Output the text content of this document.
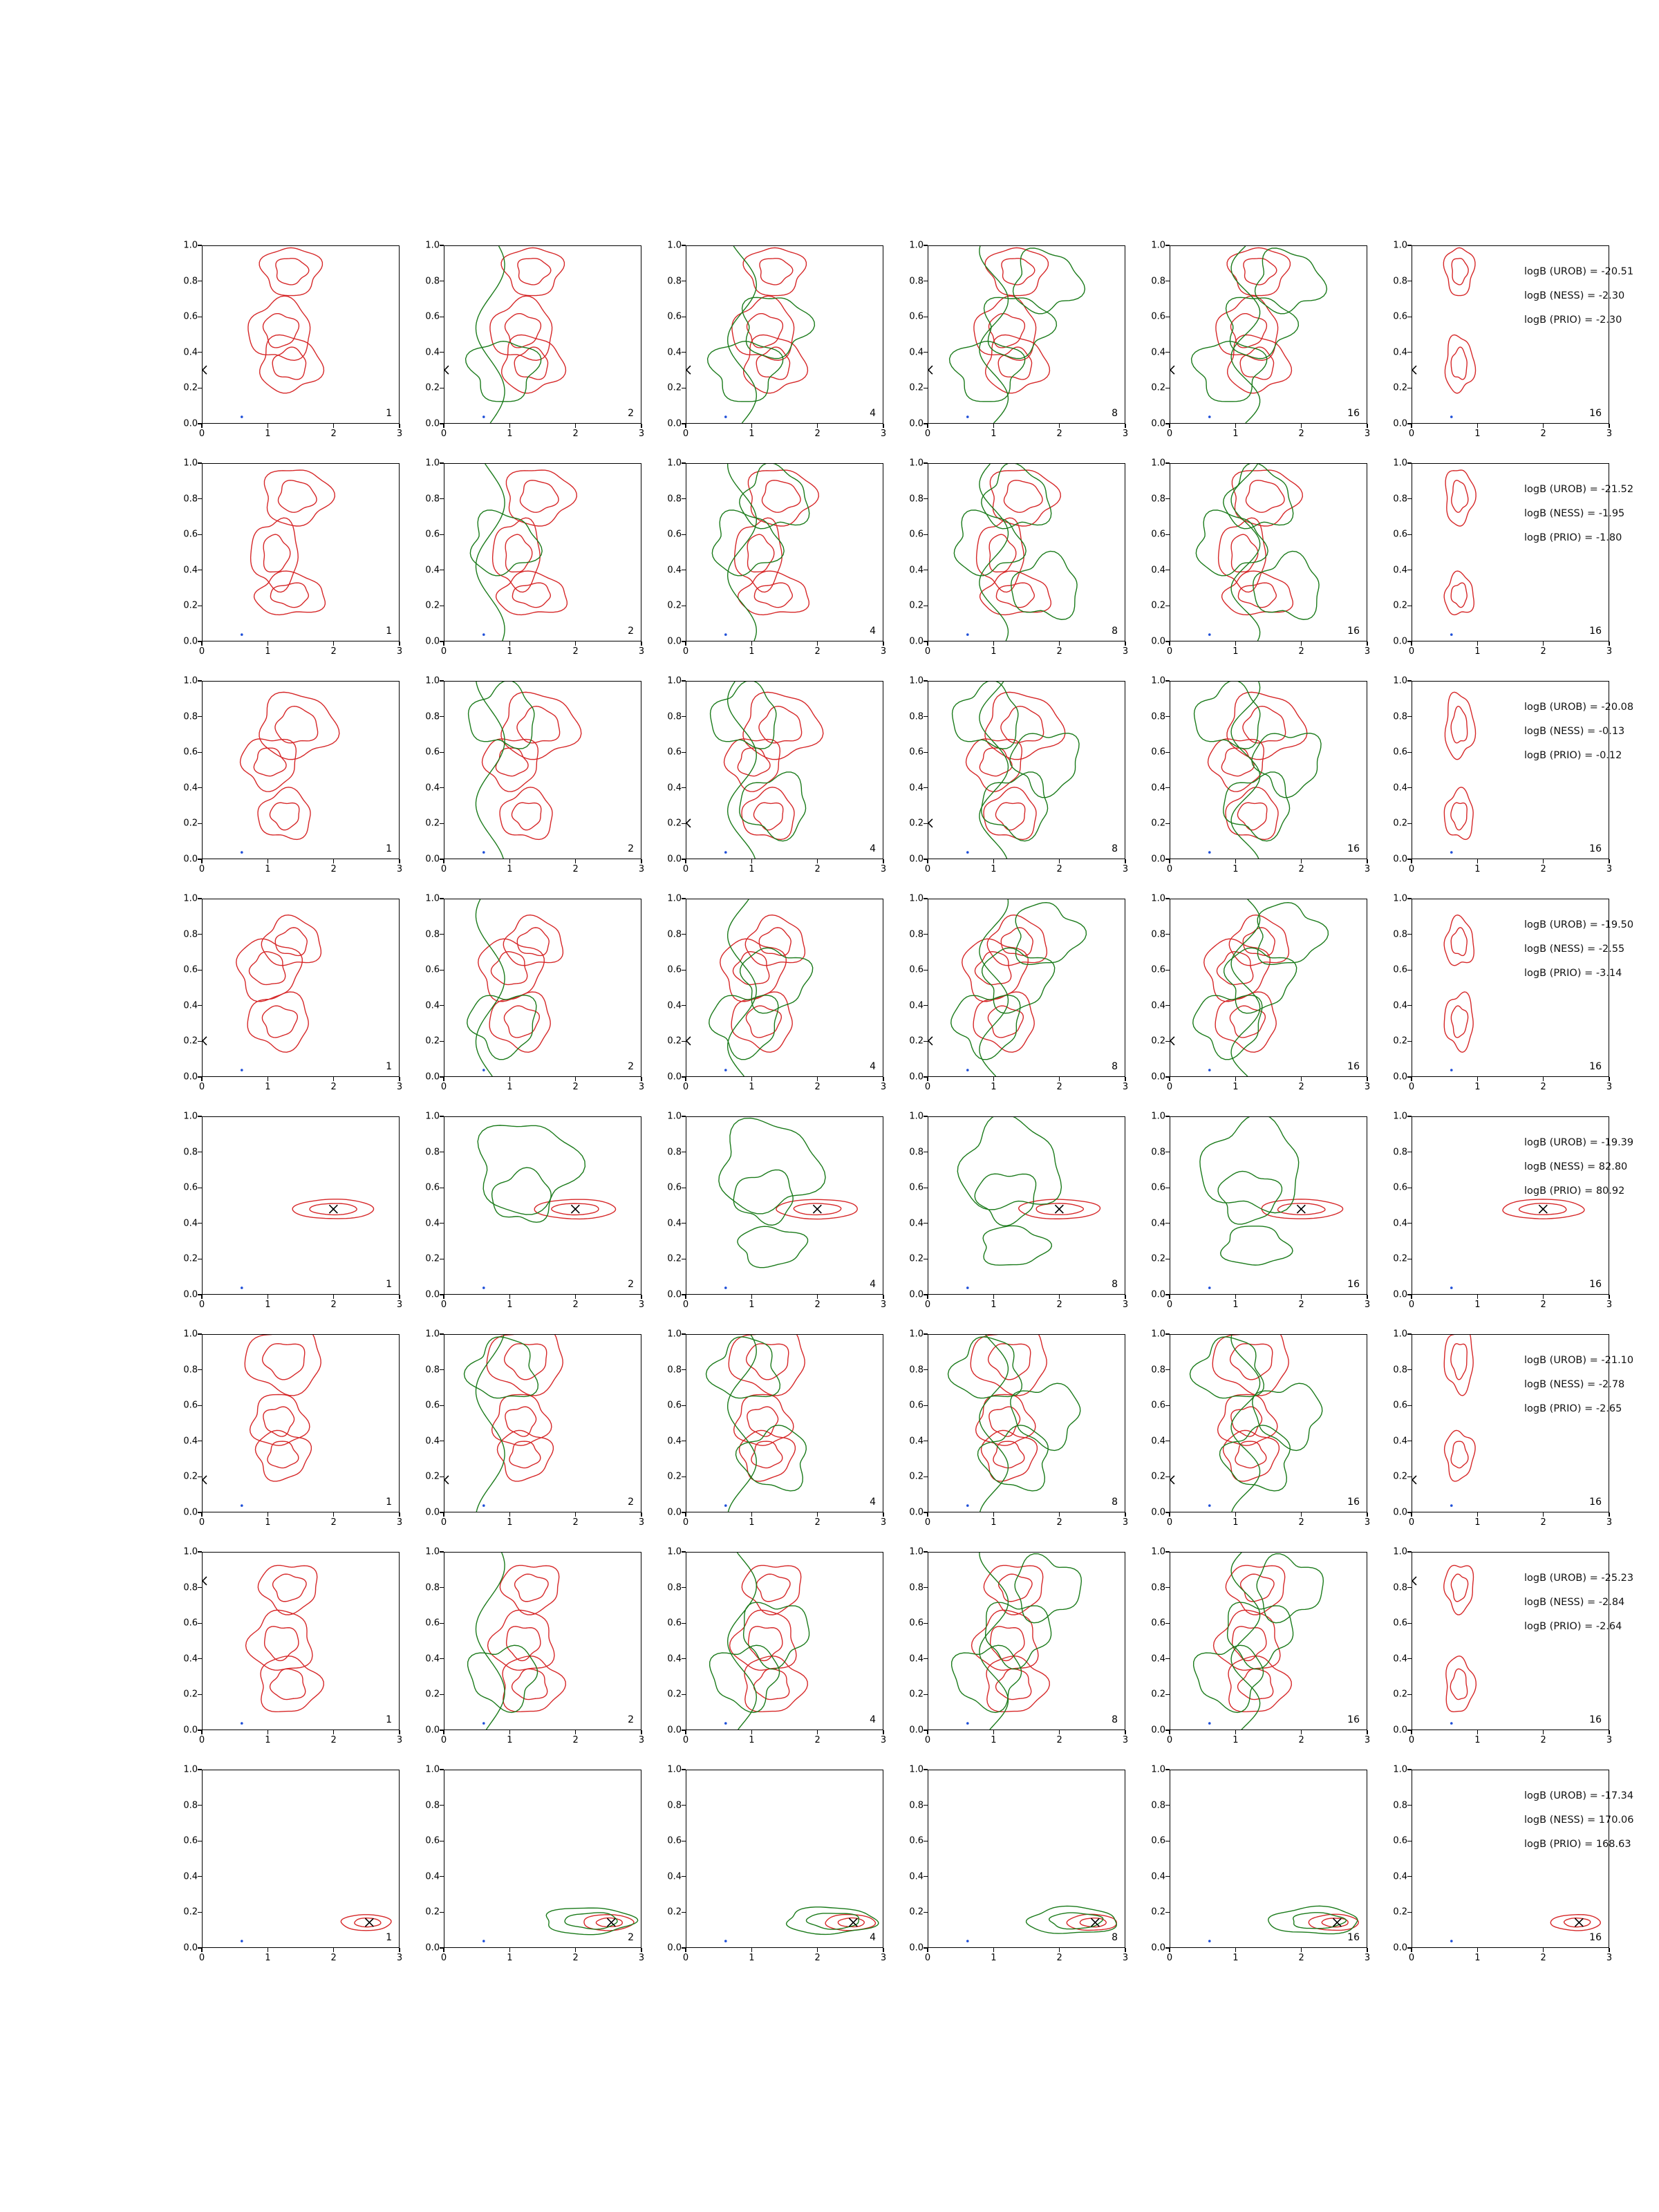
1
0.0
0.2
0.4
0.6
0.8
1.0
0	1	2	3
2
0.0
0.2
0.4
0.6
0.8
1.0
0	1	2	3
4
0.0
0.2
0.4
0.6
0.8
1.0
0	1	2	3
8
0.0
0.2
0.4
0.6
0.8
1.0
0	1	2	3
16
0.0
0.2
0.4
0.6
0.8
1.0
0	1	2	3
16
0.0
0.2
0.4
0.6
0.8
1.0
0	1	2	3
1
0.0
0.2
0.4
0.6
0.8
1.0
0	1	2	3
2
0.0
0.2
0.4
0.6
0.8
1.0
0	1	2	3
4
0.0
0.2
0.4
0.6
0.8
1.0
0	1	2	3
8
0.0
0.2
0.4
0.6
0.8
1.0
0	1	2	3
16
0.0
0.2
0.4
0.6
0.8
1.0
0	1	2	3
16
0.0
0.2
0.4
0.6
0.8
1.0
0	1	2	3
1
0.0
0.2
0.4
0.6
0.8
1.0
0	1	2	3
2
0.0
0.2
0.4
0.6
0.8
1.0
0	1	2	3
4
0.0
0.2
0.4
0.6
0.8
1.0
0	1	2	3
8
0.0
0.2
0.4
0.6
0.8
1.0
0	1	2	3
16
0.0
0.2
0.4
0.6
0.8
1.0
0	1	2	3
16
0.0
0.2
0.4
0.6
0.8
1.0
0	1	2	3
1
0.0
0.2
0.4
0.6
0.8
1.0
0	1	2	3
2
0.0
0.2
0.4
0.6
0.8
1.0
0	1	2	3
4
0.0
0.2
0.4
0.6
0.8
1.0
0	1	2	3
8
0.0
0.2
0.4
0.6
0.8
1.0
0	1	2	3
16
0.0
0.2
0.4
0.6
0.8
1.0
0	1	2	3
16
0.0
0.2
0.4
0.6
0.8
1.0
0	1	2	3
1
0.0
0.2
0.4
0.6
0.8
1.0
0	1	2	3
2
0.0
0.2
0.4
0.6
0.8
1.0
0	1	2	3
4
0.0
0.2
0.4
0.6
0.8
1.0
0	1	2	3
8
0.0
0.2
0.4
0.6
0.8
1.0
0	1	2	3
16
0.0
0.2
0.4
0.6
0.8
1.0
0	1	2	3
16
0.0
0.2
0.4
0.6
0.8
1.0
0	1	2	3
1
0.0
0.2
0.4
0.6
0.8
1.0
0	1	2	3
2
0.0
0.2
0.4
0.6
0.8
1.0
0	1	2	3
4
0.0
0.2
0.4
0.6
0.8
1.0
0	1	2	3
8
0.0
0.2
0.4
0.6
0.8
1.0
0	1	2	3
16
0.0
0.2
0.4
0.6
0.8
1.0
0	1	2	3
16
0.0
0.2
0.4
0.6
0.8
1.0
0	1	2	3
1
0.0
0.2
0.4
0.6
0.8
1.0
0	1	2	3
2
0.0
0.2
0.4
0.6
0.8
1.0
0	1	2	3
4
0.0
0.2
0.4
0.6
0.8
1.0
0	1	2	3
8
0.0
0.2
0.4
0.6
0.8
1.0
0	1	2	3
16
0.0
0.2
0.4
0.6
0.8
1.0
0	1	2	3
16
0.0
0.2
0.4
0.6
0.8
1.0
0	1	2	3
1
0.0
0.2
0.4
0.6
0.8
1.0
0	1	2	3
2
0.0
0.2
0.4
0.6
0.8
1.0
0	1	2	3
4
0.0
0.2
0.4
0.6
0.8
1.0
0	1	2	3
8
0.0
0.2
0.4
0.6
0.8
1.0
0	1	2	3
16
0.0
0.2
0.4
0.6
0.8
1.0
0	1	2	3
16
0.0
0.2
0.4
0.6
0.8
1.0
0	1	2	3
logB (UROB) = -20.51
logB (NESS) = -2.30
logB (PRIO) = -2.30
logB (UROB) = -21.52
logB (NESS) = -1.95
logB (PRIO) = -1.80
logB (UROB) = -20.08
logB (NESS) = -0.13
logB (PRIO) = -0.12
logB (UROB) = -19.50
logB (NESS) = -2.55
logB (PRIO) = -3.14
logB (UROB) = -19.39
logB (NESS) = 82.80
logB (PRIO) = 80.92
logB (UROB) = -21.10
logB (NESS) = -2.78
logB (PRIO) = -2.65
logB (UROB) = -25.23
logB (NESS) = -2.84
logB (PRIO) = -2.64
logB (UROB) = -17.34
logB (NESS) = 170.06
logB (PRIO) = 168.63
